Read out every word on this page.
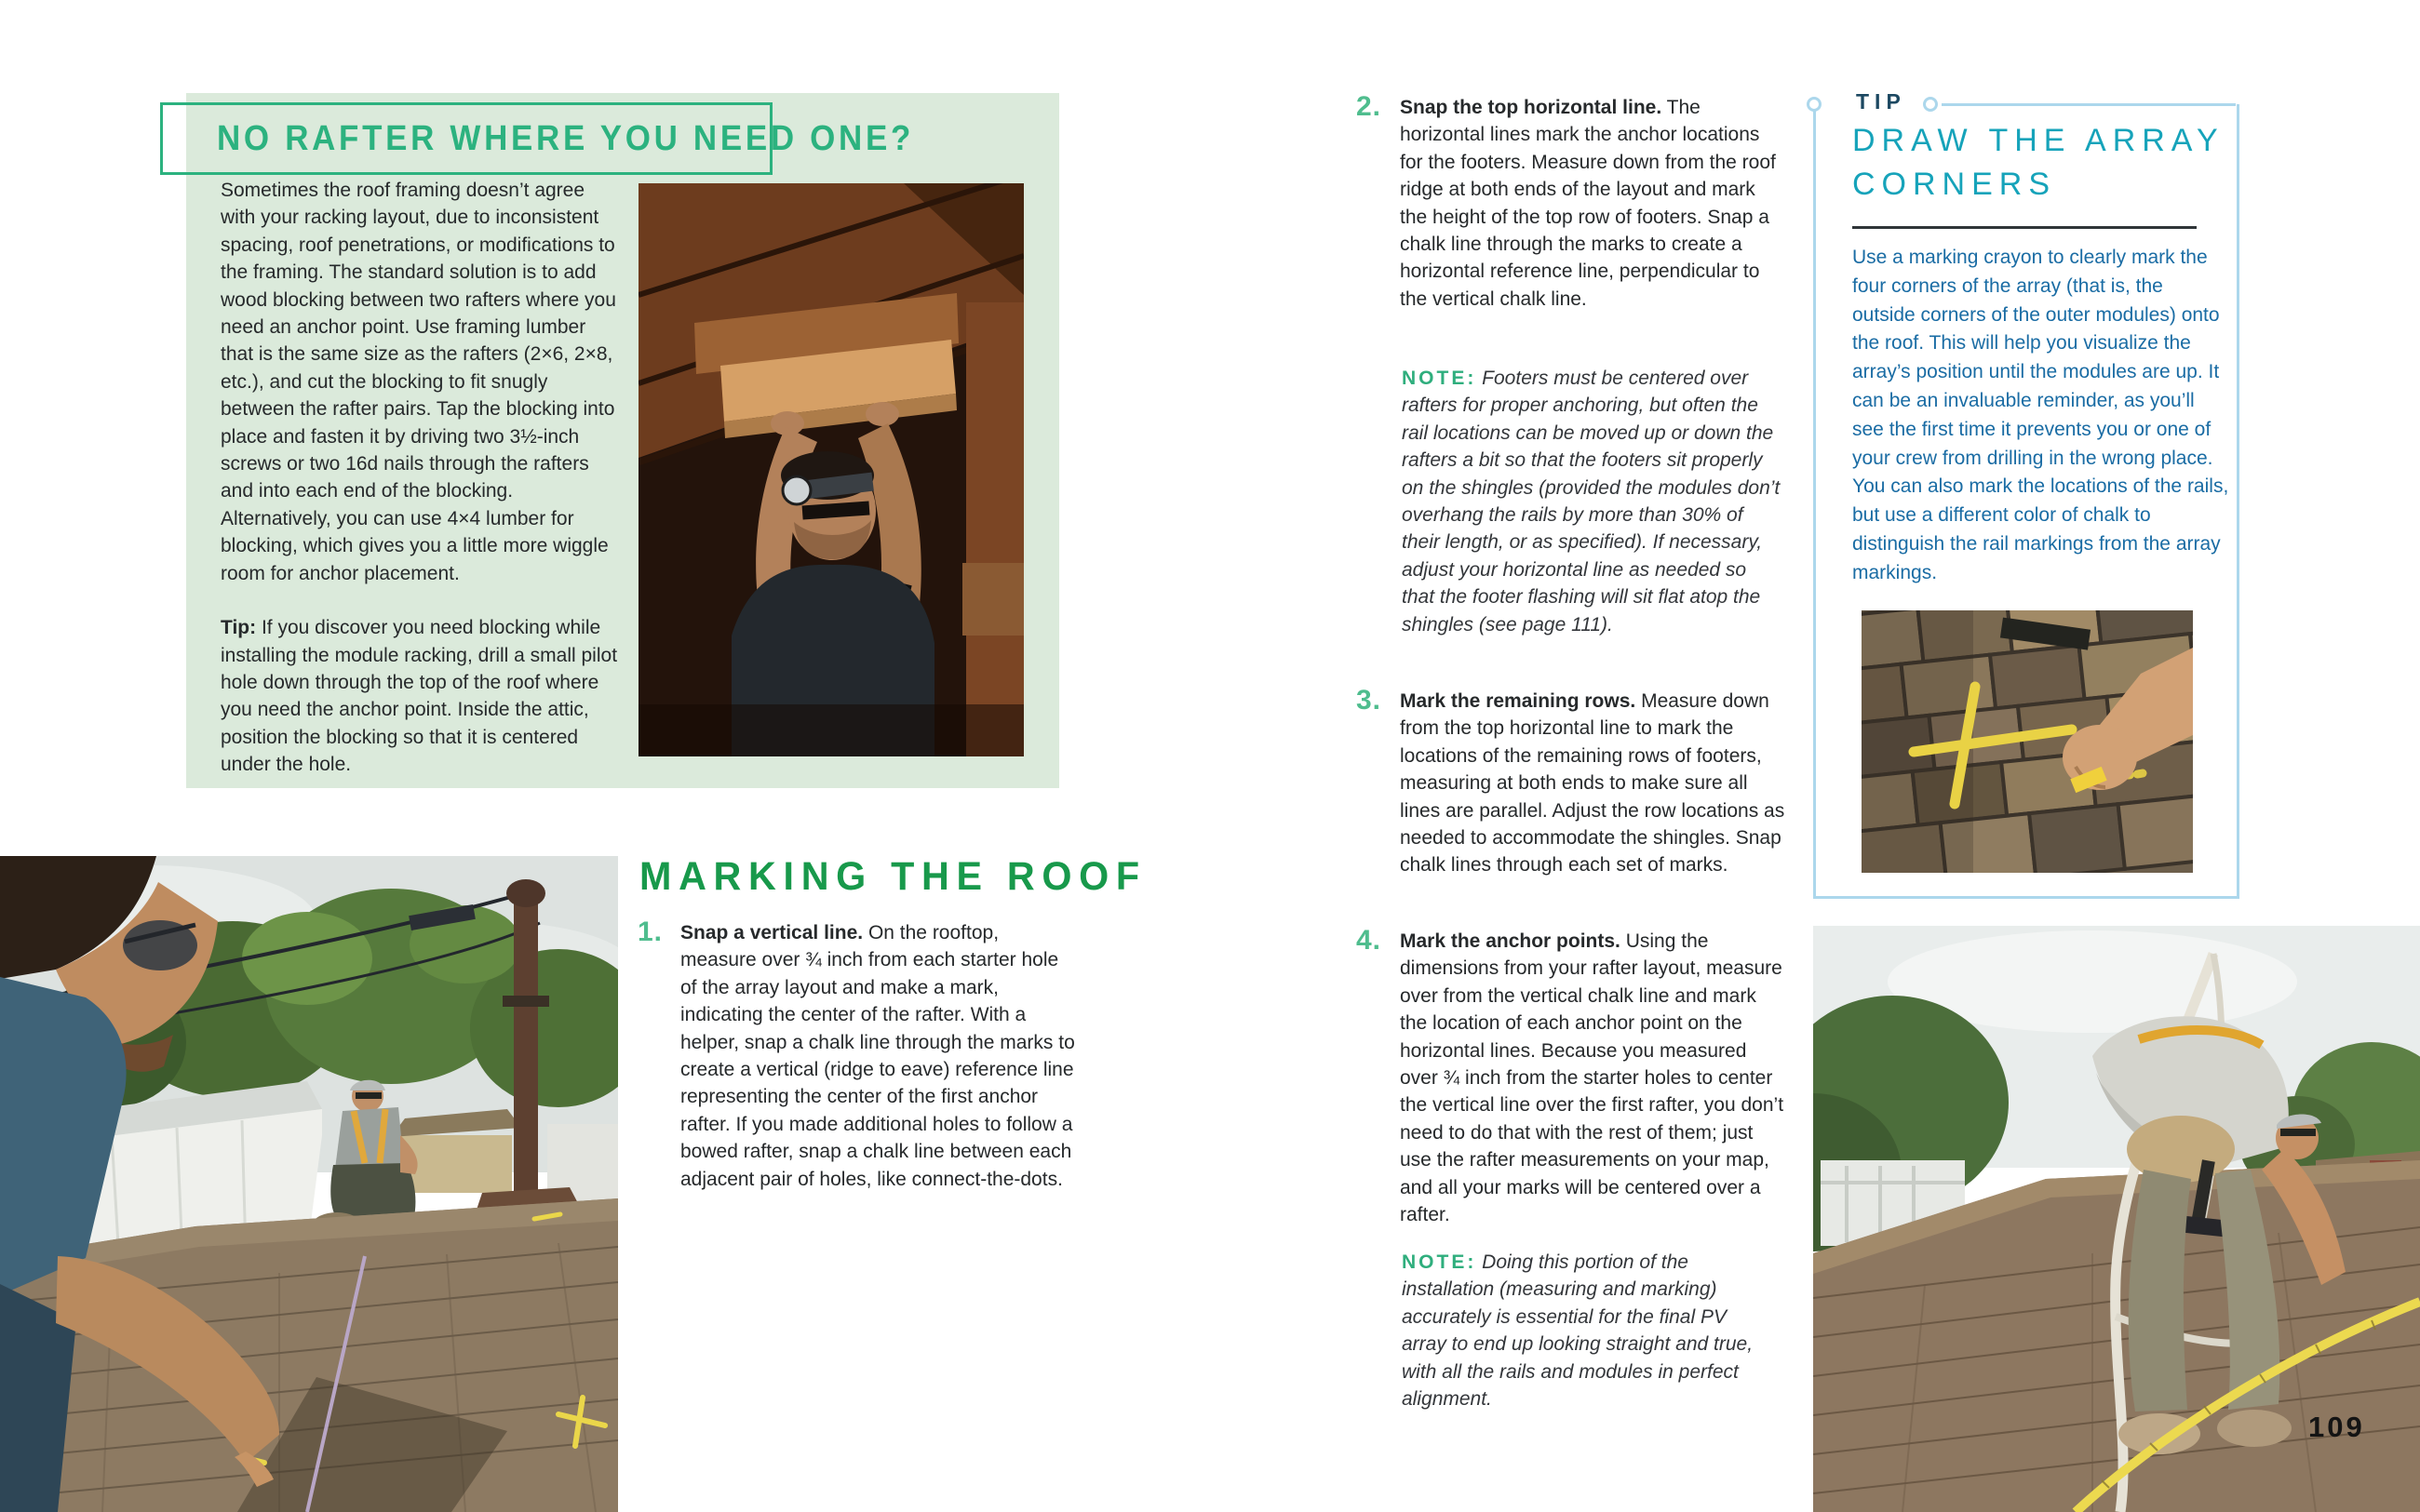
NO RAFTER WHERE YOU NEED ONE?

Sometimes the roof framing doesn’t agree with your racking layout, due to inconsistent spacing, roof penetrations, or modifications to the framing. The standard solution is to add wood blocking between two rafters where you need an anchor point. Use framing lumber that is the same size as the rafters (2×6, 2×8, etc.), and cut the blocking to fit snugly between the rafter pairs. Tap the blocking into place and fasten it by driving two 3½-inch screws or two 16d nails through the rafters and into each end of the blocking. Alternatively, you can use 4×4 lumber for blocking, which gives you a little more wiggle room for anchor placement.

Tip: If you discover you need blocking while installing the module racking, drill a small pilot hole down through the top of the roof where you need the anchor point. Inside the attic, position the blocking so that it is centered under the hole.

MARKING THE ROOF
1. Snap a vertical line. On the rooftop, measure over ¾ inch from each starter hole of the array layout and make a mark, indicating the center of the rafter. With a helper, snap a chalk line through the marks to create a vertical (ridge to eave) reference line representing the center of the first anchor rafter. If you made additional holes to follow a bowed rafter, snap a chalk line between each adjacent pair of holes, like connect-the-dots.
2. Snap the top horizontal line. The horizontal lines mark the anchor locations for the footers. Measure down from the roof ridge at both ends of the layout and mark the height of the top row of footers. Snap a chalk line through the marks to create a horizontal reference line, perpendicular to the vertical chalk line.
NOTE: Footers must be centered over rafters for proper anchoring, but often the rail locations can be moved up or down the rafters a bit so that the footers sit properly on the shingles (provided the modules don’t overhang the rails by more than 30% of their length, or as specified). If necessary, adjust your horizontal line as needed so that the footer flashing will sit flat atop the shingles (see page 111).
3. Mark the remaining rows. Measure down from the top horizontal line to mark the locations of the remaining rows of footers, measuring at both ends to make sure all lines are parallel. Adjust the row locations as needed to accommodate the shingles. Snap chalk lines through each set of marks.
4. Mark the anchor points. Using the dimensions from your rafter layout, measure over from the vertical chalk line and mark the location of each anchor point on the horizontal lines. Because you measured over ¾ inch from the starter holes to center the vertical line over the first rafter, you don’t need to do that with the rest of them; just use the rafter measurements on your map, and all your marks will be centered over a rafter.
NOTE: Doing this portion of the installation (measuring and marking) accurately is essential for the final PV array to end up looking straight and true, with all the rails and modules in perfect alignment.
TIP
DRAW THE ARRAY CORNERS
Use a marking crayon to clearly mark the four corners of the array (that is, the outside corners of the outer modules) onto the roof. This will help you visualize the array’s position until the modules are up. It can be an invaluable reminder, as you’ll see the first time it prevents you or one of your crew from drilling in the wrong place. You can also mark the locations of the rails, but use a different color of chalk to distinguish the rail markings from the array markings.
109
